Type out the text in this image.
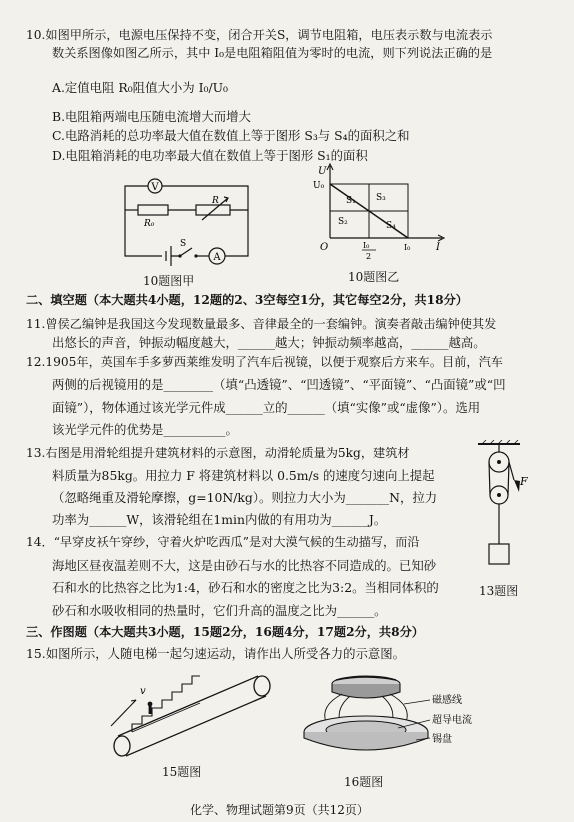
10.如图甲所示，电源电压保持不变，闭合开关S，调节电阻箱，电压表示数与电流表示
数关系图像如图乙所示，其中 I₀是电阻箱阻值为零时的电流，则下列说法正确的是
A.定值电阻 R₀阻值大小为 I₀/U₀
B.电阻箱两端电压随电流增大而增大
C.电路消耗的总功率最大值在数值上等于图形 S₃与 S₄的面积之和
D.电阻箱消耗的电功率最大值在数值上等于图形 S₁的面积
V
A
R₀
R
S
10题图甲
U
U₀
I
O
S₁
S₂
S₃
S₄
I₀
2
I₀
10题图乙
二、填空题（本大题共4小题，12题的2、3空每空1分，其它每空2分，共18分）
11.曾侯乙编钟是我国这今发现数量最多、音律最全的一套编钟。演奏者敲击编钟使其发
出悠长的声音，钟振动幅度越大，______越大；钟振动频率越高，______越高。
12.1905年，英国车手多萝西莱维发明了汽车后视镜，以便于观察后方来车。目前，汽车
两侧的后视镜用的是________（填“凸透镜”、“凹透镜”、“平面镜”、“凸面镜”或“凹
面镜”），物体通过该光学元件成______立的______（填“实像”或“虚像”）。选用
该光学元件的优势是__________。
13.右图是用滑轮组提升建筑材料的示意图，动滑轮质量为5kg，建筑材
料质量为85kg。用拉力 F 将建筑材料以 0.5m/s 的速度匀速向上提起
（忽略绳重及滑轮摩擦，g=10N/kg）。则拉力大小为_______N，拉力
功率为______W，该滑轮组在1min内做的有用功为______J。
F
13题图
14．“早穿皮袄午穿纱，守着火炉吃西瓜”是对大漠气候的生动描写，而沿
海地区昼夜温差则不大，这是由砂石与水的比热容不同造成的。已知砂
石和水的比热容之比为1:4，砂石和水的密度之比为3:2。当相同体积的
砂石和水吸收相同的热量时，它们升高的温度之比为______。
三、作图题（本大题共3小题，15题2分，16题4分，17题2分，共8分）
15.如图所示，人随电梯一起匀速运动，请作出人所受各力的示意图。
v
15题图
磁感线
超导电流
锡盘
16题图
化学、物理试题第9页（共12页）
